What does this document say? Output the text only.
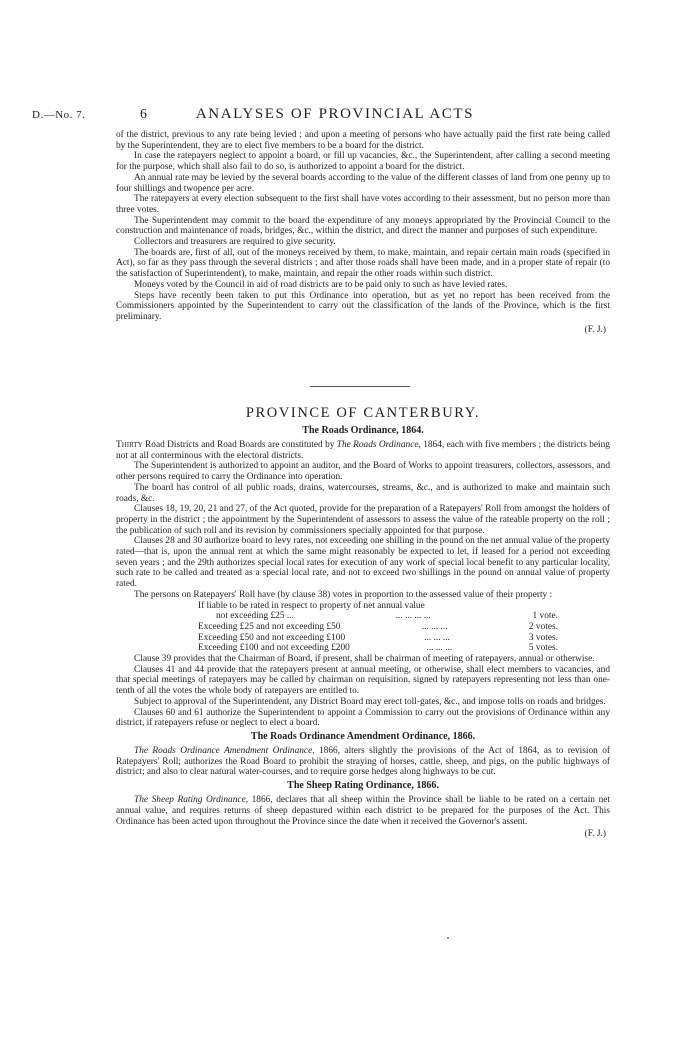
D.—No. 7.	6	ANALYSES OF PROVINCIAL ACTS

of the district, previous to any rate being levied ; and upon a meeting of persons who have actually paid the first rate being called by the Superintendent, they are to elect five members to be a board for the district.

In case the ratepayers neglect to appoint a board, or fill up vacancies, &c., the Superintendent, after calling a second meeting for the purpose, which shall also fail to do so, is authorized to appoint a board for the district.

An annual rate may be levied by the several boards according to the value of the different classes of land from one penny up to four shillings and twopence per acre.

The ratepayers at every election subsequent to the first shall have votes according to their assessment, but no person more than three votes.

The Superintendent may commit to the board the expenditure of any moneys appropriated by the Provincial Council to the construction and maintenance of roads, bridges, &c., within the district, and direct the manner and purposes of such expenditure.

Collectors and treasurers are required to give security.

The boards are, first of all, out of the moneys received by them, to make, maintain, and repair certain main roads (specified in Act), so far as they pass through the several districts ; and after those roads shall have been made, and in a proper state of repair (to the satisfaction of Superintendent), to make, maintain, and repair the other roads within such district.

Moneys voted by the Council in aid of road districts are to be paid only to such as have levied rates.

Steps have recently been taken to put this Ordinance into operation, but as yet no report has been received from the Commissioners appointed by the Superintendent to carry out the classification of the lands of the Province, which is the first preliminary.

(F. J.)

PROVINCE OF CANTERBURY.

The Roads Ordinance, 1864.

Thirty Road Districts and Road Boards are constituted by The Roads Ordinance, 1864, each with five members ; the districts being not at all conterminous with the electoral districts.

The Superintendent is authorized to appoint an auditor, and the Board of Works to appoint treasurers, collectors, assessors, and other persons required to carry the Ordinance into operation.

The board has control of all public roads, drains, watercourses, streams, &c., and is authorized to make and maintain such roads, &c.

Clauses 18, 19, 20, 21 and 27, of the Act quoted, provide for the preparation of a Ratepayers' Roll from amongst the holders of property in the district ; the appointment by the Superintendent of assessors to assess the value of the rateable property on the roll ; the publication of such roll and its revision by commissioners specially appointed for that purpose.

Clauses 28 and 30 authorize board to levy rates, not exceeding one shilling in the pound on the net annual value of the property rated—that is, upon the annual rent at which the same might reasonably be expected to let, if leased for a period not exceeding seven years ; and the 29th authorizes special local rates for execution of any work of special local benefit to any particular locality, such rate to be called and treated as a special local rate, and not to exceed two shillings in the pound on annual value of property rated.

The persons on Ratepayers' Roll have (by clause 38) votes in proportion to the assessed value of their property :

If liable to be rated in respect to property of net annual value
not exceeding £25 ...	... ... ... ...	1 vote.
Exceeding £25 and not exceeding £50	... ... ...	2 votes.
Exceeding £50 and not exceeding £100	... ... ...	3 votes.
Exceeding £100 and not exceeding £200	... ... ...	5 votes.

Clause 39 provides that the Chairman of Board, if present, shall be chairman of meeting of ratepayers, annual or otherwise.

Clauses 41 and 44 provide that the ratepayers present at annual meeting, or otherwise, shall elect members to vacancies, and that special meetings of ratepayers may be called by chairman on requisition, signed by ratepayers representing not less than one-tenth of all the votes the whole body of ratepayers are entitled to.

Subject to approval of the Superintendent, any District Board may erect toll-gates, &c., and impose tolls on roads and bridges.

Clauses 60 and 61 authorize the Superintendent to appoint a Commission to carry out the provisions of Ordinance within any district, if ratepayers refuse or neglect to elect a board.

The Roads Ordinance Amendment Ordinance, 1866.

The Roads Ordinance Amendment Ordinance, 1866, alters slightly the provisions of the Act of 1864, as to revision of Ratepayers' Roll; authorizes the Road Board to prohibit the straying of horses, cattle, sheep, and pigs, on the public highways of district; and also to clear natural water-courses, and to require gorse hedges along highways to be cut.

The Sheep Rating Ordinance, 1866.

The Sheep Rating Ordinance, 1866, declares that all sheep within the Province shall be liable to be rated on a certain net annual value, and requires returns of sheep depastured within each district to be prepared for the purposes of the Act. This Ordinance has been acted upon throughout the Province since the date when it received the Governor's assent.

(F. J.)
